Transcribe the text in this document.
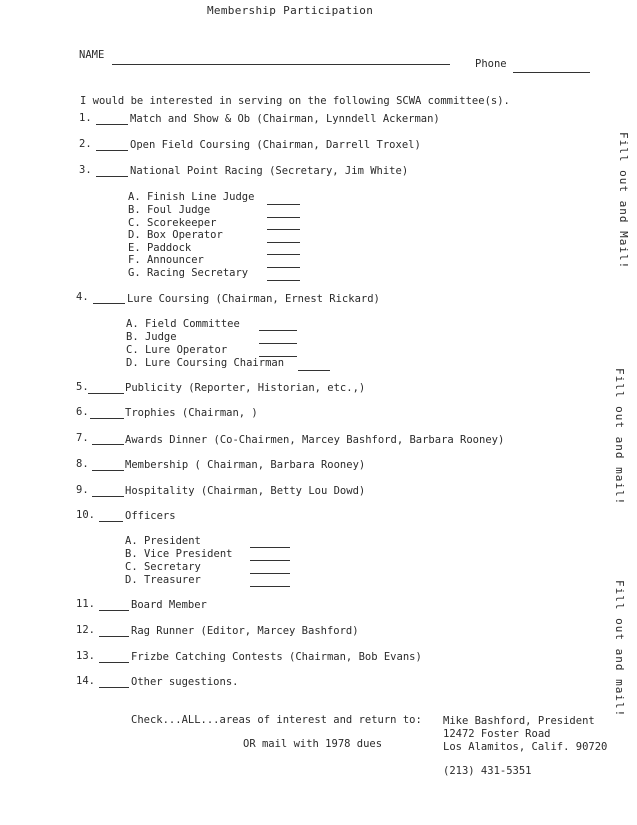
Membership Participation
NAME
Phone
I would be interested in serving on the following SCWA committee(s).
1.	Match and Show & Ob (Chairman, Lynndell Ackerman)
2.	Open Field Coursing (Chairman, Darrell Troxel)
3.	National Point Racing (Secretary, Jim White)
4.	Lure Coursing (Chairman, Ernest Rickard)
5.	Publicity (Reporter, Historian, etc.,)
6.	Trophies (Chairman, )
7.	Awards Dinner (Co-Chairmen, Marcey Bashford, Barbara Rooney)
8.	Membership ( Chairman, Barbara Rooney)
9.	Hospitality (Chairman, Betty Lou Dowd)
10.	Officers
11.	Board Member
12.	Rag Runner (Editor, Marcey Bashford)
13.	Frizbe Catching Contests (Chairman, Bob Evans)
14.	Other sugestions.
A. Finish Line Judge
B. Foul Judge
C. Scorekeeper
D. Box Operator
E. Paddock
F. Announcer
G. Racing Secretary
A. Field Committee
B. Judge
C. Lure Operator
D. Lure Coursing Chairman
A. President
B. Vice President
C. Secretary
D. Treasurer
Check...ALL...areas of interest and return to:
OR mail with 1978 dues
Mike Bashford, President
12472 Foster Road
Los Alamitos, Calif. 90720
(213) 431-5351
Fill out and Mail!
Fill out and mail!
Fill out and mail!
